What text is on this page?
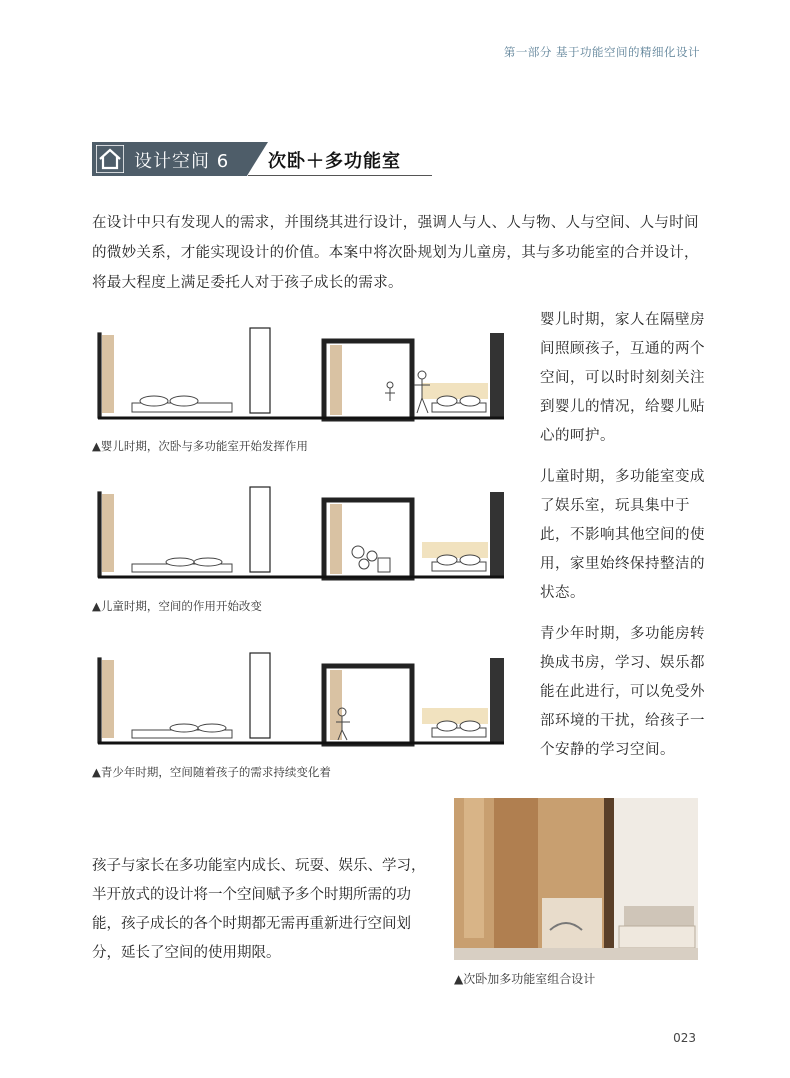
第一部分 基于功能空间的精细化设计
设计空间 6 次卧＋多功能室
在设计中只有发现人的需求，并围绕其进行设计，强调人与人、人与物、人与空间、人与时间的微妙关系，才能实现设计的价值。本案中将次卧规划为儿童房，其与多功能室的合并设计，将最大程度上满足委托人对于孩子成长的需求。
▲婴儿时期，次卧与多功能室开始发挥作用
婴儿时期，家人在隔壁房间照顾孩子，互通的两个空间，可以时时刻刻关注到婴儿的情况，给婴儿贴心的呵护。
▲儿童时期，空间的作用开始改变
儿童时期，多功能室变成了娱乐室，玩具集中于此，不影响其他空间的使用，家里始终保持整洁的状态。
▲青少年时期，空间随着孩子的需求持续变化着
青少年时期，多功能房转换成书房，学习、娱乐都能在此进行，可以免受外部环境的干扰，给孩子一个安静的学习空间。
▲次卧加多功能室组合设计
孩子与家长在多功能室内成长、玩耍、娱乐、学习，半开放式的设计将一个空间赋予多个时期所需的功能，孩子成长的各个时期都无需再重新进行空间划分，延长了空间的使用期限。
023
